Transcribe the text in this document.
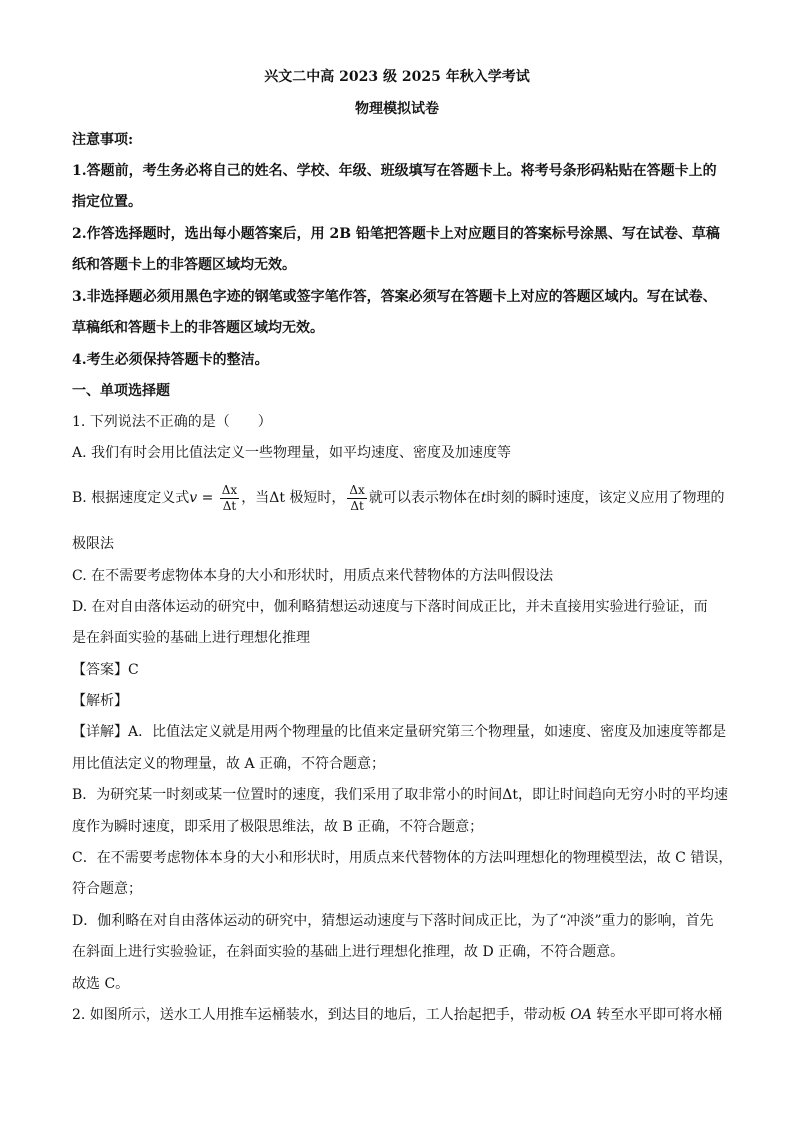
兴文二中高 2023 级 2025 年秋入学考试
物理模拟试卷
注意事项:
1.答题前，考生务必将自己的姓名、学校、年级、班级填写在答题卡上。将考号条形码粘贴在答题卡上的
指定位置。
2.作答选择题时，选出每小题答案后，用 2B 铅笔把答题卡上对应题目的答案标号涂黑、写在试卷、草稿
纸和答题卡上的非答题区域均无效。
3.非选择题必须用黑色字迹的钢笔或签字笔作答，答案必须写在答题卡上对应的答题区域内。写在试卷、
草稿纸和答题卡上的非答题区域均无效。
4.考生必须保持答题卡的整洁。
一、单项选择题
1. 下列说法不正确的是（　　）
A. 我们有时会用比值法定义一些物理量，如平均速度、密度及加速度等
B. 根据速度定义式$v = \frac{\Delta x}{\Delta t}$ ，当Δt 极短时， $\frac{\Delta x}{\Delta t}$ 就可以表示物体在t时刻的瞬时速度，该定义应用了物理的
极限法
C. 在不需要考虑物体本身的大小和形状时，用质点来代替物体的方法叫假设法
D. 在对自由落体运动的研究中，伽利略猜想运动速度与下落时间成正比，并未直接用实验进行验证，而
是在斜面实验的基础上进行理想化推理
【答案】C
【解析】
【详解】A．比值法定义就是用两个物理量的比值来定量研究第三个物理量，如速度、密度及加速度等都是
用比值法定义的物理量，故 A 正确，不符合题意；
B．为研究某一时刻或某一位置时的速度，我们采用了取非常小的时间Δt，即让时间趋向无穷小时的平均速
度作为瞬时速度，即采用了极限思维法，故 B 正确，不符合题意；
C．在不需要考虑物体本身的大小和形状时，用质点来代替物体的方法叫理想化的物理模型法，故 C 错误，
符合题意；
D．伽利略在对自由落体运动的研究中，猜想运动速度与下落时间成正比，为了“冲淡”重力的影响，首先
在斜面上进行实验验证，在斜面实验的基础上进行理想化推理，故 D 正确，不符合题意。
故选 C。
2. 如图所示，送水工人用推车运桶装水，到达目的地后，工人抬起把手，带动板 OA 转至水平即可将水桶
